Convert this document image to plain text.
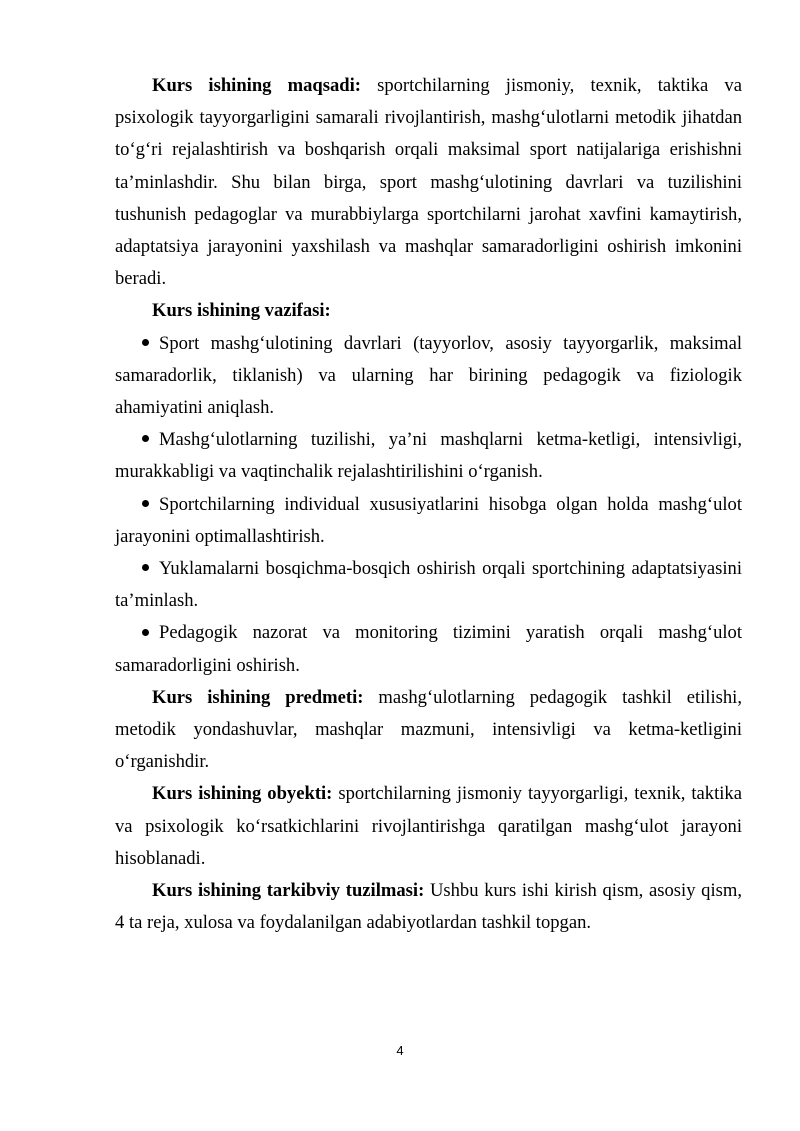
Kurs ishining maqsadi: sportchilarning jismoniy, texnik, taktika va psixologik tayyorgarligini samarali rivojlantirish, mashg‘ulotlarni metodik jihatdan to‘g‘ri rejalashtirish va boshqarish orqali maksimal sport natijalariga erishishni ta’minlashdir. Shu bilan birga, sport mashg‘ulotining davrlari va tuzilishini tushunish pedagoglar va murabbiylarga sportchilarni jarohat xavfini kamaytirish, adaptatsiya jarayonini yaxshilash va mashqlar samaradorligini oshirish imkonini beradi.

Kurs ishining vazifasi:

Sport mashg‘ulotining davrlari (tayyorlov, asosiy tayyorgarlik, maksimal samaradorlik, tiklanish) va ularning har birining pedagogik va fiziologik ahamiyatini aniqlash.

Mashg‘ulotlarning tuzilishi, ya’ni mashqlarni ketma-ketligi, intensivligi, murakkabligi va vaqtinchalik rejalashtirilishini o‘rganish.

Sportchilarning individual xususiyatlarini hisobga olgan holda mashg‘ulot jarayonini optimallashtirish.

Yuklamalarni bosqichma-bosqich oshirish orqali sportchining adaptatsiyasini ta’minlash.

Pedagogik nazorat va monitoring tizimini yaratish orqali mashg‘ulot samaradorligini oshirish.

Kurs ishining predmeti: mashg‘ulotlarning pedagogik tashkil etilishi, metodik yondashuvlar, mashqlar mazmuni, intensivligi va ketma-ketligini o‘rganishdir.

Kurs ishining obyekti: sportchilarning jismoniy tayyorgarligi, texnik, taktika va psixologik ko‘rsatkichlarini rivojlantirishga qaratilgan mashg‘ulot jarayoni hisoblanadi.

Kurs ishining tarkibviy tuzilmasi: Ushbu kurs ishi kirish qism, asosiy qism, 4 ta reja, xulosa va foydalanilgan adabiyotlardan tashkil topgan.

4
